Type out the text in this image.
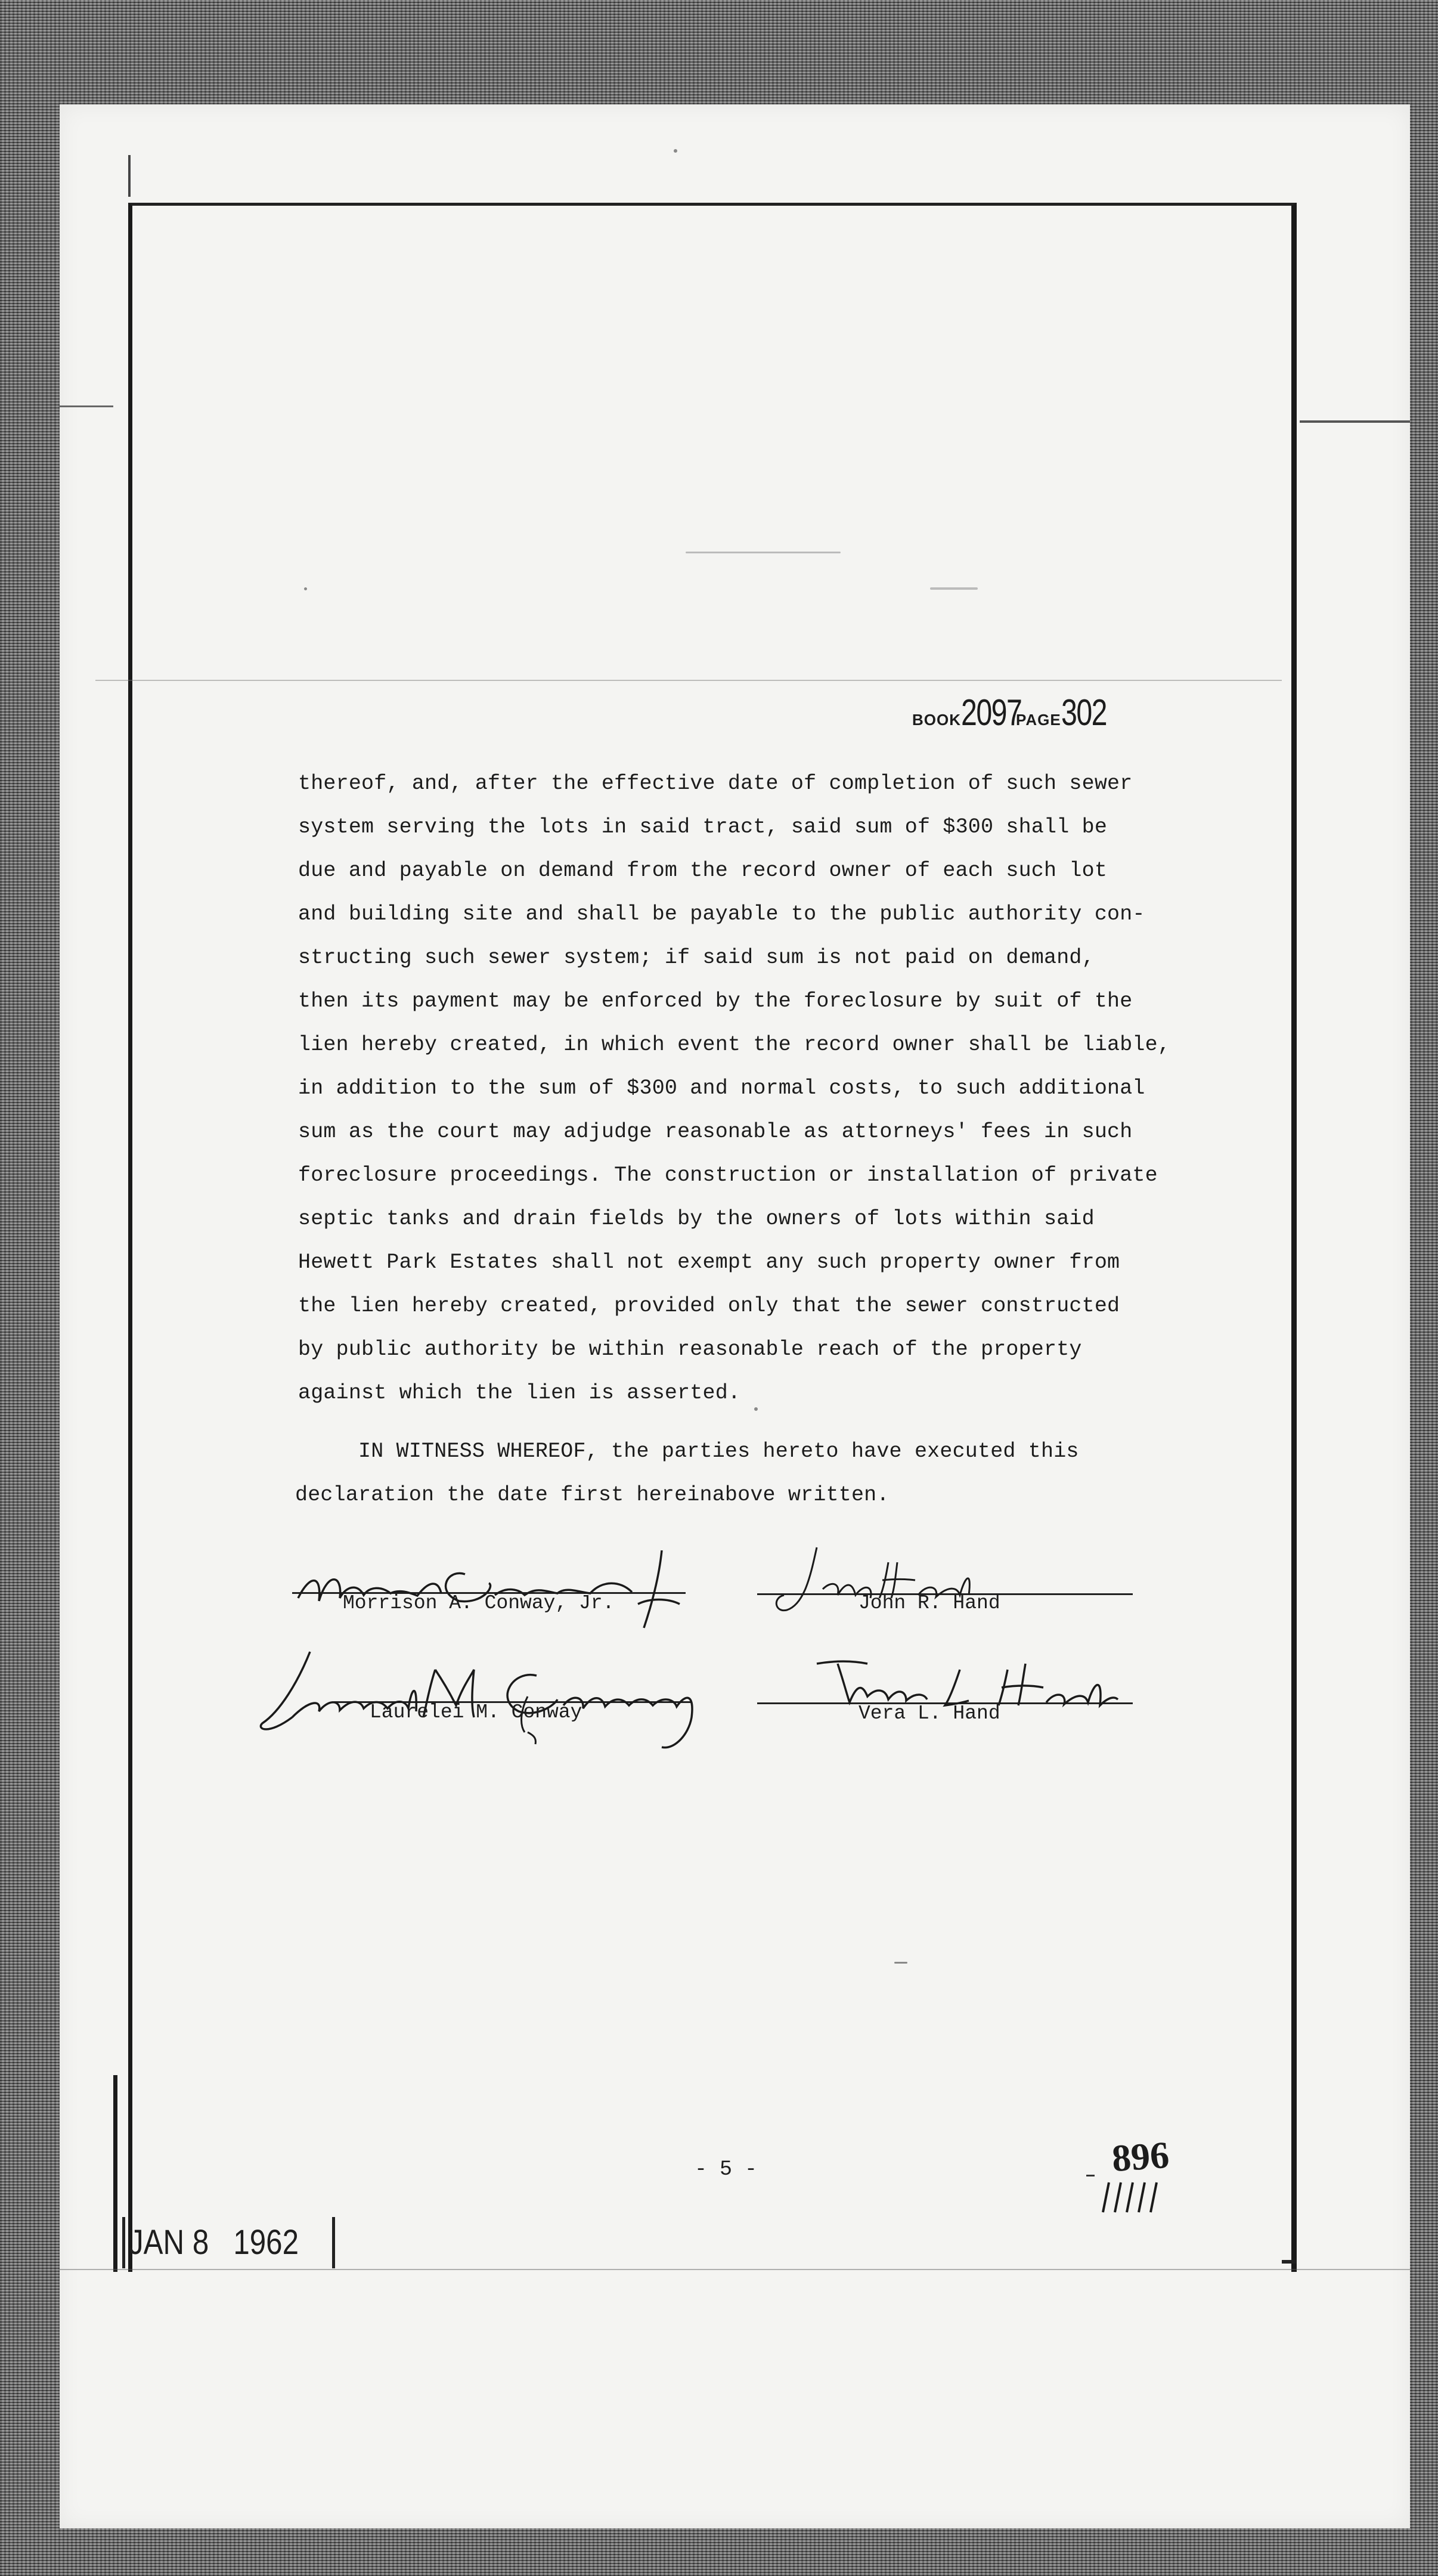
BOOK2097PAGE302
thereof, and, after the effective date of completion of such sewer
system serving the lots in said tract, said sum of $300 shall be
due and payable on demand from the record owner of each such lot
and building site and shall be payable to the public authority con-
structing such sewer system; if said sum is not paid on demand,
then its payment may be enforced by the foreclosure by suit of the
lien hereby created, in which event the record owner shall be liable,
in addition to the sum of $300 and normal costs, to such additional
sum as the court may adjudge reasonable as attorneys' fees in such
foreclosure proceedings. The construction or installation of private
septic tanks and drain fields by the owners of lots within said
Hewett Park Estates shall not exempt any such property owner from
the lien hereby created, provided only that the sewer constructed
by public authority be within reasonable reach of the property
against which the lien is asserted.
IN WITNESS WHEREOF, the parties hereto have executed this
declaration the date first hereinabove written.
Morrison A. Conway, Jr.	John R. Hand
Laurelei M. Conway	Vera L. Hand
- 5 -	896
JAN 8   1962
